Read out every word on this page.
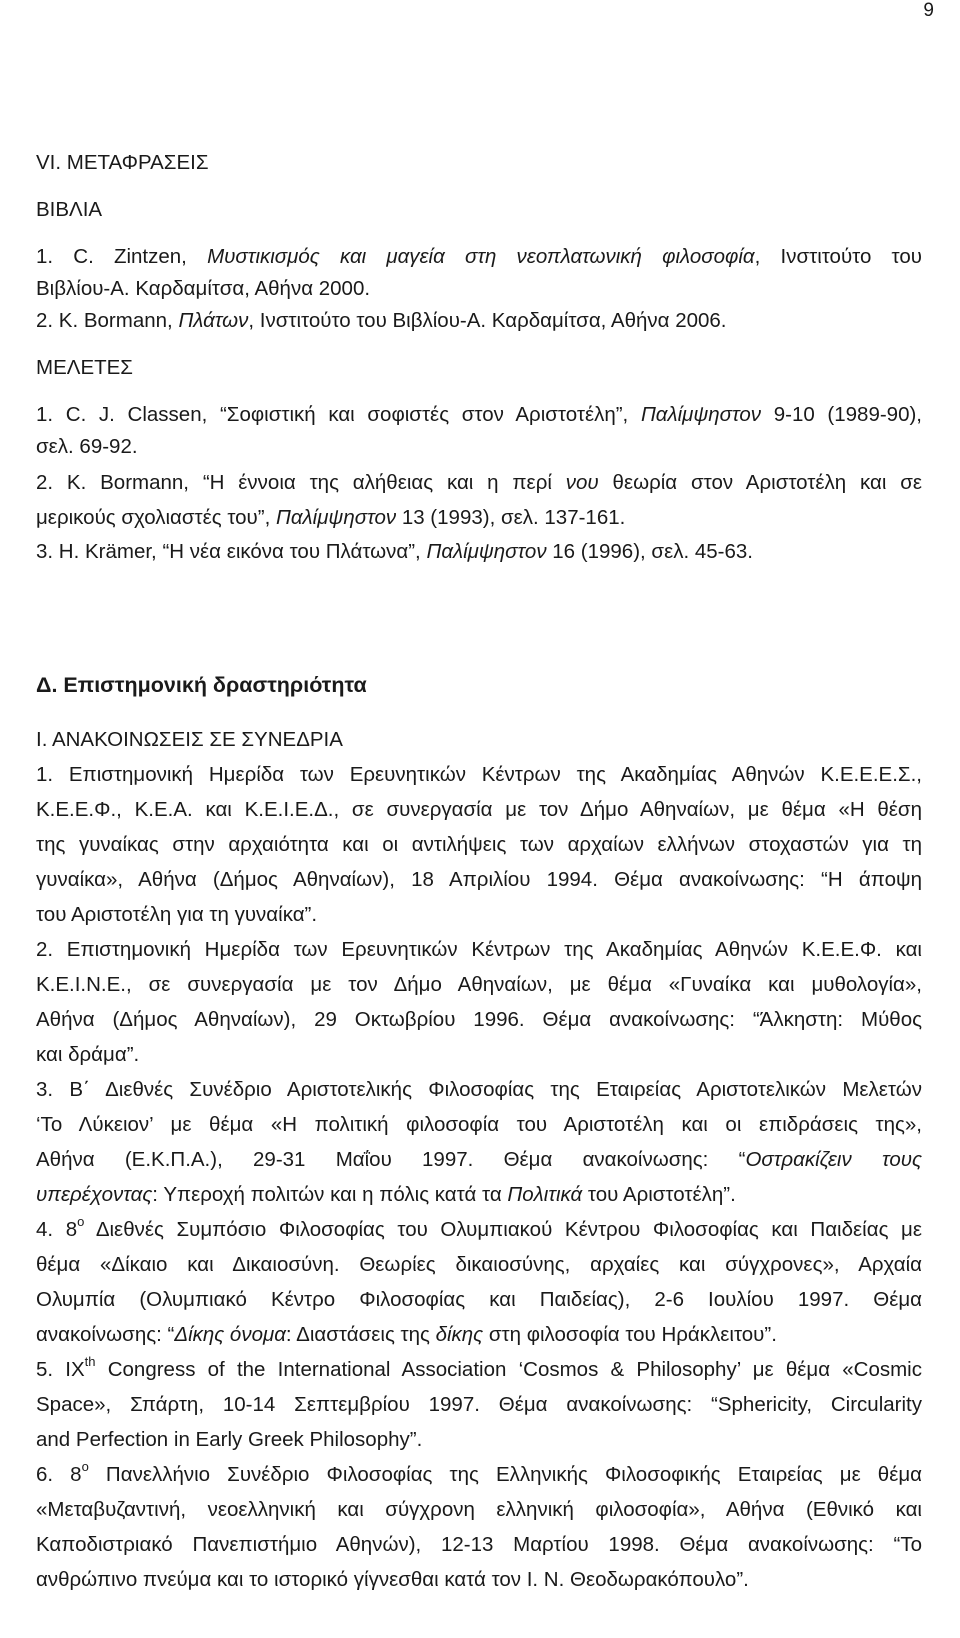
9
VI. ΜΕΤΑΦΡΑΣΕΙΣ
ΒΙΒΛΙΑ
1. C. Zintzen, Μυστικισμός και μαγεία στη νεοπλατωνική φιλοσοφία, Ινστιτούτο του
Βιβλίου-Α. Καρδαμίτσα, Αθήνα 2000.
2. K. Bormann, Πλάτων, Ινστιτούτο του Βιβλίου-Α. Καρδαμίτσα, Αθήνα 2006.
ΜΕΛΕΤΕΣ
1. C. J. Classen, “Σοφιστική και σοφιστές στον Αριστοτέλη”, Παλίμψηστον 9-10 (1989-90),
σελ. 69-92.
2. K. Bormann, “Η έννοια της αλήθειας και η περί νου θεωρία στον Αριστοτέλη και σε
μερικούς σχολιαστές του”, Παλίμψηστον 13 (1993), σελ. 137-161.
3. H. Krämer, “Η νέα εικόνα του Πλάτωνα”, Παλίμψηστον 16 (1996), σελ. 45-63.
Δ. Επιστημονική δραστηριότητα
Ι. ΑΝΑΚΟΙΝΩΣΕΙΣ ΣΕ ΣΥΝΕΔΡΙΑ
1. Επιστημονική Ημερίδα των Ερευνητικών Κέντρων της Ακαδημίας Αθηνών Κ.Ε.Ε.Ε.Σ.,
Κ.Ε.Ε.Φ., Κ.Ε.Α. και Κ.Ε.Ι.Ε.Δ., σε συνεργασία με τον Δήμο Αθηναίων, με θέμα «Η θέση
της γυναίκας στην αρχαιότητα και οι αντιλήψεις των αρχαίων ελλήνων στοχαστών για τη
γυναίκα», Αθήνα (Δήμος Αθηναίων), 18 Απριλίου 1994. Θέμα ανακοίνωσης: “Η άποψη
του Αριστοτέλη για τη γυναίκα”.
2. Επιστημονική Ημερίδα των Ερευνητικών Κέντρων της Ακαδημίας Αθηνών Κ.Ε.Ε.Φ. και
Κ.Ε.Ι.Ν.Ε., σε συνεργασία με τον Δήμο Αθηναίων, με θέμα «Γυναίκα και μυθολογία»,
Αθήνα (Δήμος Αθηναίων), 29 Οκτωβρίου 1996. Θέμα ανακοίνωσης: “Άλκηστη: Μύθος
και δράμα”.
3. Β΄ Διεθνές Συνέδριο Αριστοτελικής Φιλοσοφίας της Εταιρείας Αριστοτελικών Μελετών
‘Το Λύκειον’ με θέμα «Η πολιτική φιλοσοφία του Αριστοτέλη και οι επιδράσεις της»,
Αθήνα (Ε.Κ.Π.Α.), 29-31 Μαΐου 1997. Θέμα ανακοίνωσης: “Οστρακίζειν τους
υπερέχοντας: Υπεροχή πολιτών και η πόλις κατά τα Πολιτικά του Αριστοτέλη”.
4. $8^o$ Διεθνές Συμπόσιο Φιλοσοφίας του Ολυμπιακού Κέντρου Φιλοσοφίας και Παιδείας με
θέμα «Δίκαιο και Δικαιοσύνη. Θεωρίες δικαιοσύνης, αρχαίες και σύγχρονες», Αρχαία
Ολυμπία (Ολυμπιακό Κέντρο Φιλοσοφίας και Παιδείας), 2-6 Ιουλίου 1997. Θέμα
ανακοίνωσης: “Δίκης όνομα: Διαστάσεις της δίκης στη φιλοσοφία του Ηράκλειτου”.
5. IXth Congress of the International Association ‘Cosmos & Philosophy’ με θέμα «Cosmic
Space», Σπάρτη, 10-14 Σεπτεμβρίου 1997. Θέμα ανακοίνωσης: “Sphericity, Circularity
and Perfection in Early Greek Philosophy”.
6. $8^o$ Πανελλήνιο Συνέδριο Φιλοσοφίας της Ελληνικής Φιλοσοφικής Εταιρείας με θέμα
«Μεταβυζαντινή, νεοελληνική και σύγχρονη ελληνική φιλοσοφία», Αθήνα (Εθνικό και
Καποδιστριακό Πανεπιστήμιο Αθηνών), 12-13 Μαρτίου 1998. Θέμα ανακοίνωσης: “Το
ανθρώπινο πνεύμα και το ιστορικό γίγνεσθαι κατά τον Ι. Ν. Θεοδωρακόπουλο”.
